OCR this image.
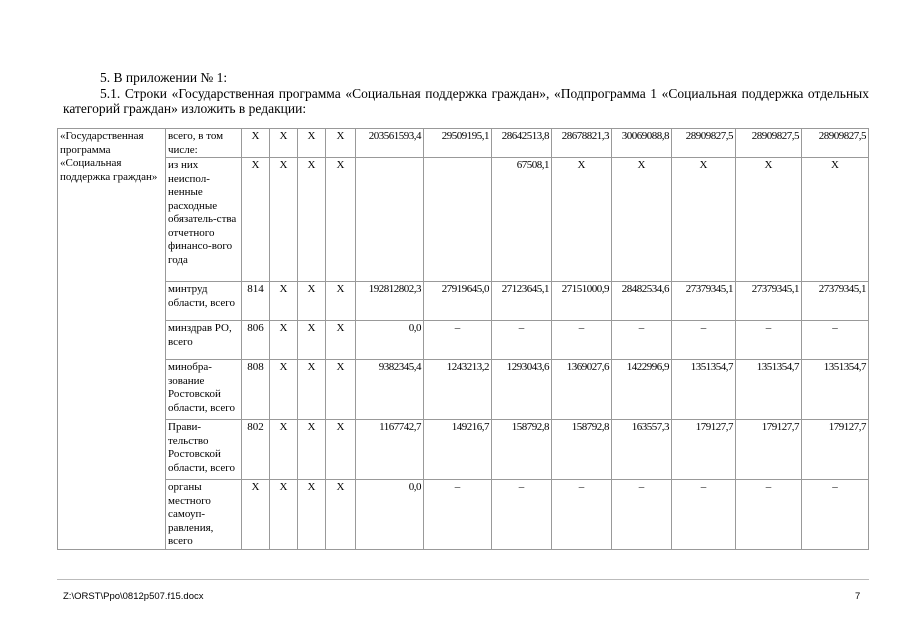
5. В приложении № 1:

5.1. Строки «Государственная программа «Социальная поддержка граждан», «Подпрограмма 1 «Социальная поддержка отдельных категорий граждан» изложить в редакции:

«Государственная программа «Социальная поддержка граждан»	всего, в том числе:	X	X	X	X	203561593,4	29509195,1	28642513,8	28678821,3	30069088,8	28909827,5	28909827,5	28909827,5
	из них неиспол-ненные расходные обязатель-ства отчетного финансо-вого года	X	X	X	X			67508,1	X	X	X	X	X
	минтруд области, всего	814	X	X	X	192812802,3	27919645,0	27123645,1	27151000,9	28482534,6	27379345,1	27379345,1	27379345,1
	минздрав РО, всего	806	X	X	X	0,0	–	–	–	–	–	–	–
	минобра-зование Ростовской области, всего	808	X	X	X	9382345,4	1243213,2	1293043,6	1369027,6	1422996,9	1351354,7	1351354,7	1351354,7
	Прави-тельство Ростовской области, всего	802	X	X	X	1167742,7	149216,7	158792,8	158792,8	163557,3	179127,7	179127,7	179127,7
	органы местного самоуп-равления, всего	X	X	X	X	0,0	–	–	–	–	–	–	–
Z:\ORST\Ppo\0812p507.f15.docx	7
